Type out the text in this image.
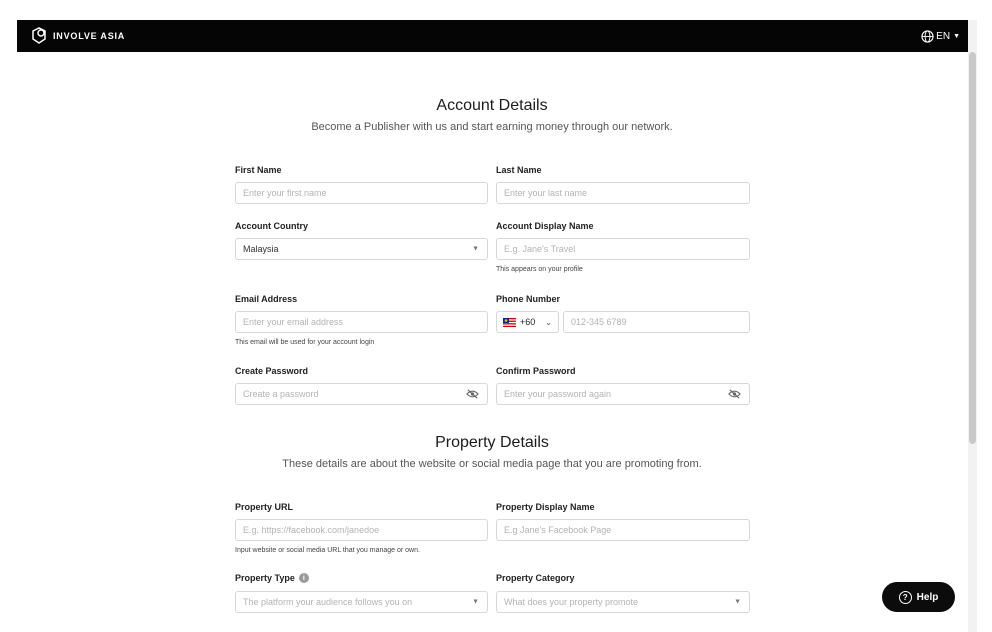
INVOLVE ASIA	EN ▼
Account Details
Become a Publisher with us and start earning money through our network.
First Name
Enter your first name
Last Name
Enter your last name
Account Country
Malaysia	▼
Account Display Name
E.g. Jane's Travel
This appears on your profile
Email Address
Enter your email address
This email will be used for your account login
Phone Number
+60 ⌄ 012-345 6789
Create Password
Create a password
Confirm Password
Enter your password again
Property Details
These details are about the website or social media page that you are promoting from.
Property URL
E.g. https://facebook.com/janedoe
Input website or social media URL that you manage or own.
Property Display Name
E.g Jane's Facebook Page
Property Type	i
The platform your audience follows you on	▼
Property Category
What does your property promote	▼
? Help
